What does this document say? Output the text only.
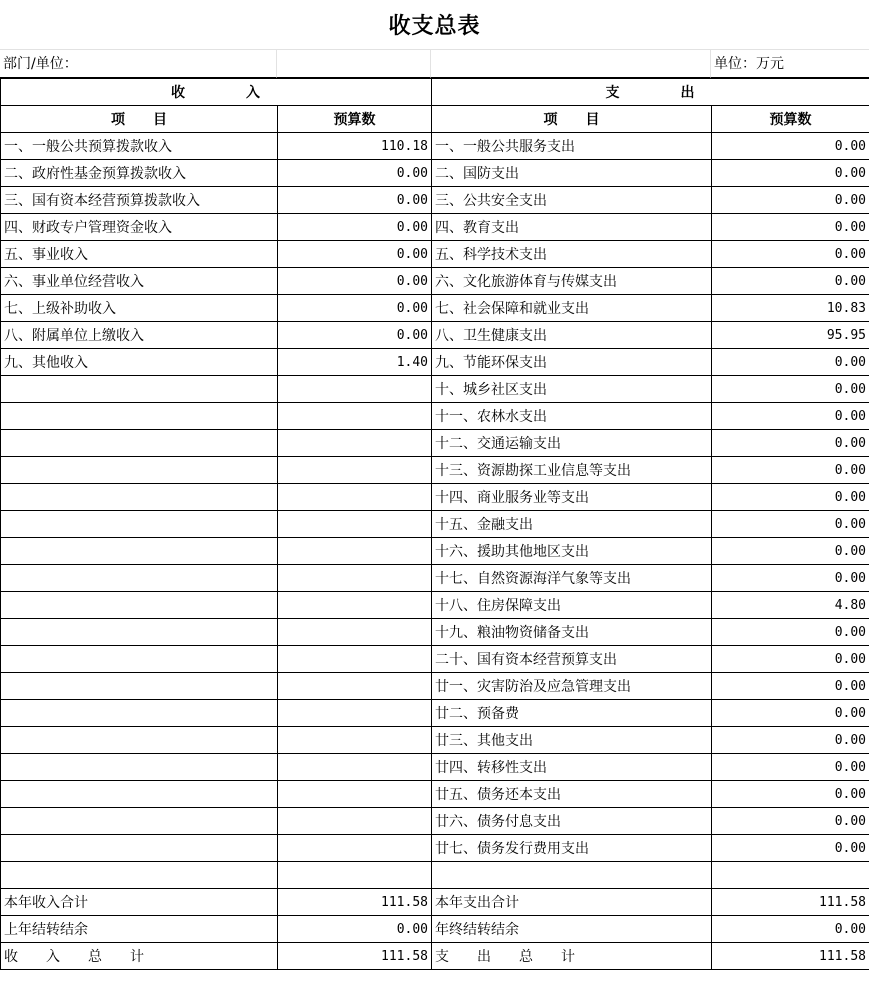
收支总表
部门/单位：	单位：万元
收　　　　入		支　　　　出	
项　　目	预算数	项　　目	预算数
一、一般公共预算拨款收入	110.18	一、一般公共服务支出	0.00
二、政府性基金预算拨款收入	0.00	二、国防支出	0.00
三、国有资本经营预算拨款收入	0.00	三、公共安全支出	0.00
四、财政专户管理资金收入	0.00	四、教育支出	0.00
五、事业收入	0.00	五、科学技术支出	0.00
六、事业单位经营收入	0.00	六、文化旅游体育与传媒支出	0.00
七、上级补助收入	0.00	七、社会保障和就业支出	10.83
八、附属单位上缴收入	0.00	八、卫生健康支出	95.95
九、其他收入	1.40	九、节能环保支出	0.00
		十、城乡社区支出	0.00
		十一、农林水支出	0.00
		十二、交通运输支出	0.00
		十三、资源勘探工业信息等支出	0.00
		十四、商业服务业等支出	0.00
		十五、金融支出	0.00
		十六、援助其他地区支出	0.00
		十七、自然资源海洋气象等支出	0.00
		十八、住房保障支出	4.80
		十九、粮油物资储备支出	0.00
		二十、国有资本经营预算支出	0.00
		廿一、灾害防治及应急管理支出	0.00
		廿二、预备费	0.00
		廿三、其他支出	0.00
		廿四、转移性支出	0.00
		廿五、债务还本支出	0.00
		廿六、债务付息支出	0.00
		廿七、债务发行费用支出	0.00

本年收入合计	111.58	本年支出合计	111.58
上年结转结余	0.00	年终结转结余	0.00
收　　入　　总　　计	111.58	支　　出　　总　　计	111.58
